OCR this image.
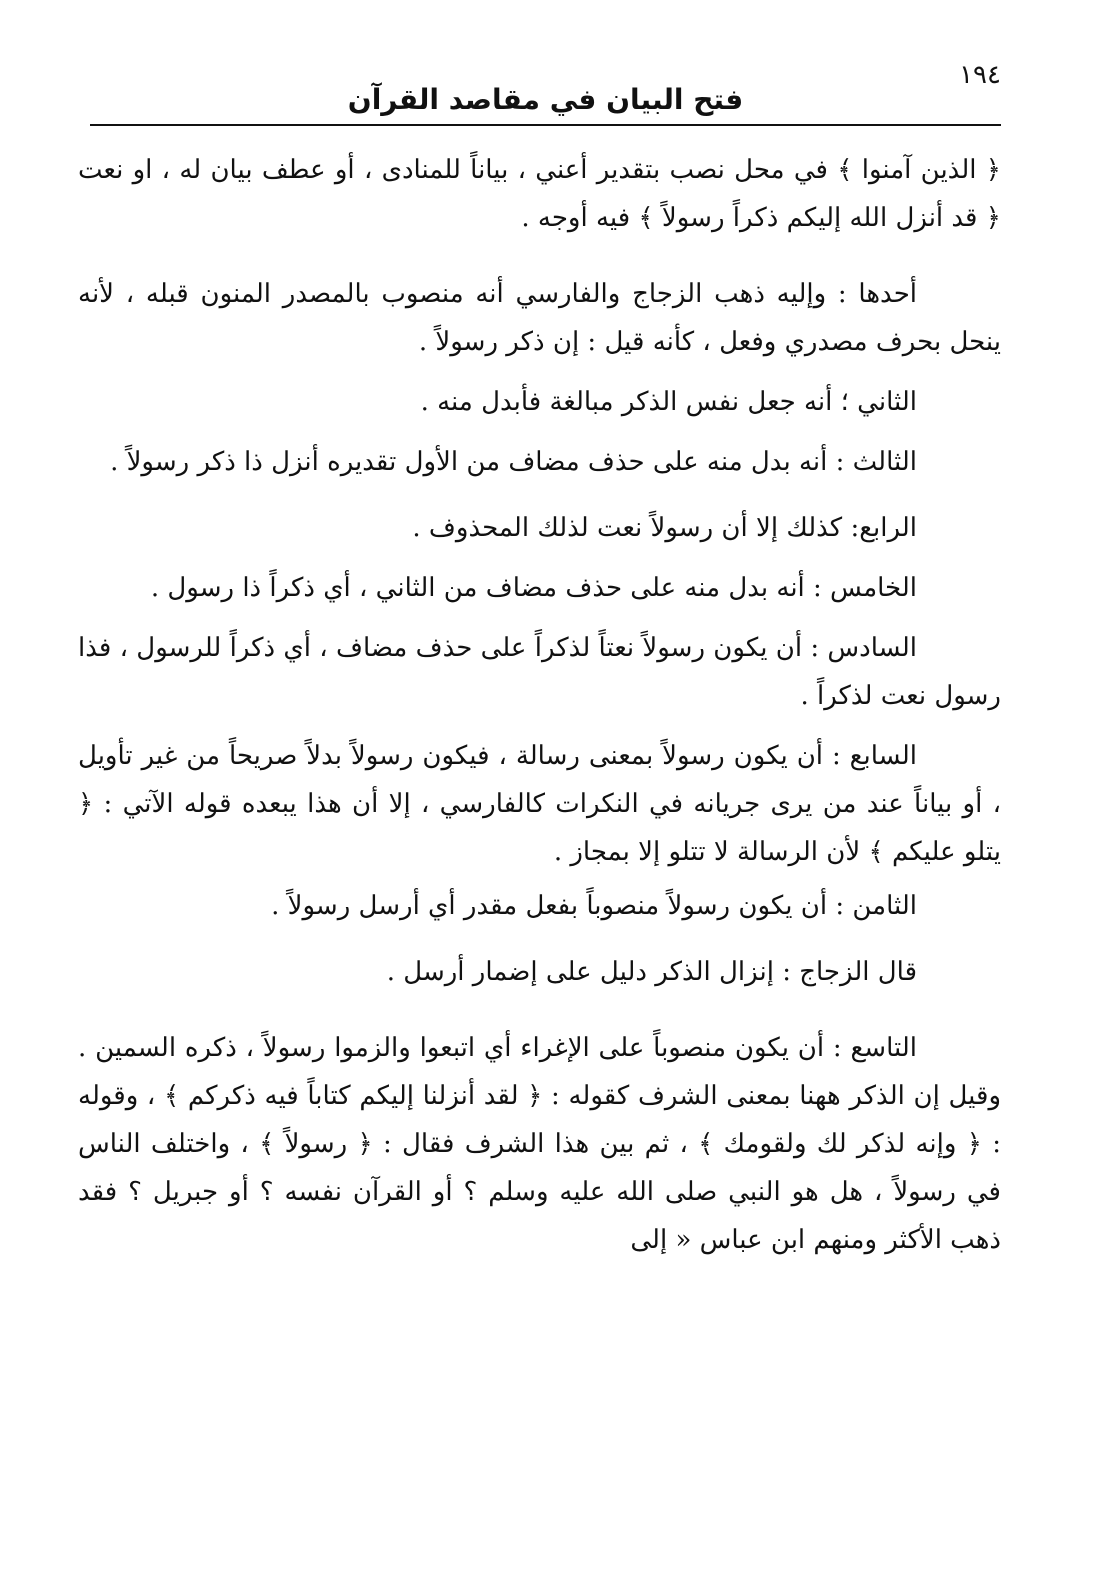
١٩٤
فتح البيان في مقاصد القرآن

﴿ الذين آمنوا ﴾ في محل نصب بتقدير أعني ، بياناً للمنادى ، أو عطف بيان له ، او نعت ﴿ قد أنزل الله إليكم ذكراً رسولاً ﴾ فيه أوجه .

أحدها : وإليه ذهب الزجاج والفارسي أنه منصوب بالمصدر المنون قبله ، لأنه ينحل بحرف مصدري وفعل ، كأنه قيل : إن ذكر رسولاً .

الثاني ؛ أنه جعل نفس الذكر مبالغة فأبدل منه .

الثالث : أنه بدل منه على حذف مضاف من الأول تقديره أنزل ذا ذكر رسولاً .

الرابع: كذلك إلا أن رسولاً نعت لذلك المحذوف .

الخامس : أنه بدل منه على حذف مضاف من الثاني ، أي ذكراً ذا رسول .

السادس : أن يكون رسولاً نعتاً لذكراً على حذف مضاف ، أي ذكراً للرسول ، فذا رسول نعت لذكراً .

السابع : أن يكون رسولاً بمعنى رسالة ، فيكون رسولاً بدلاً صريحاً من غير تأويل ، أو بياناً عند من يرى جريانه في النكرات كالفارسي ، إلا أن هذا يبعده قوله الآتي : ﴿ يتلو عليكم ﴾ لأن الرسالة لا تتلو إلا بمجاز .

الثامن : أن يكون رسولاً منصوباً بفعل مقدر أي أرسل رسولاً .

قال الزجاج : إنزال الذكر دليل على إضمار أرسل .

التاسع : أن يكون منصوباً على الإغراء أي اتبعوا والزموا رسولاً ، ذكره السمين . وقيل إن الذكر ههنا بمعنى الشرف كقوله : ﴿ لقد أنزلنا إليكم كتاباً فيه ذكركم ﴾ ، وقوله : ﴿ وإنه لذكر لك ولقومك ﴾ ، ثم بين هذا الشرف فقال : ﴿ رسولاً ﴾ ، واختلف الناس في رسولاً ، هل هو النبي صلى الله عليه وسلم ؟ أو القرآن نفسه ؟ أو جبريل ؟ فقد ذهب الأكثر ومنهم ابن عباس « إلى
